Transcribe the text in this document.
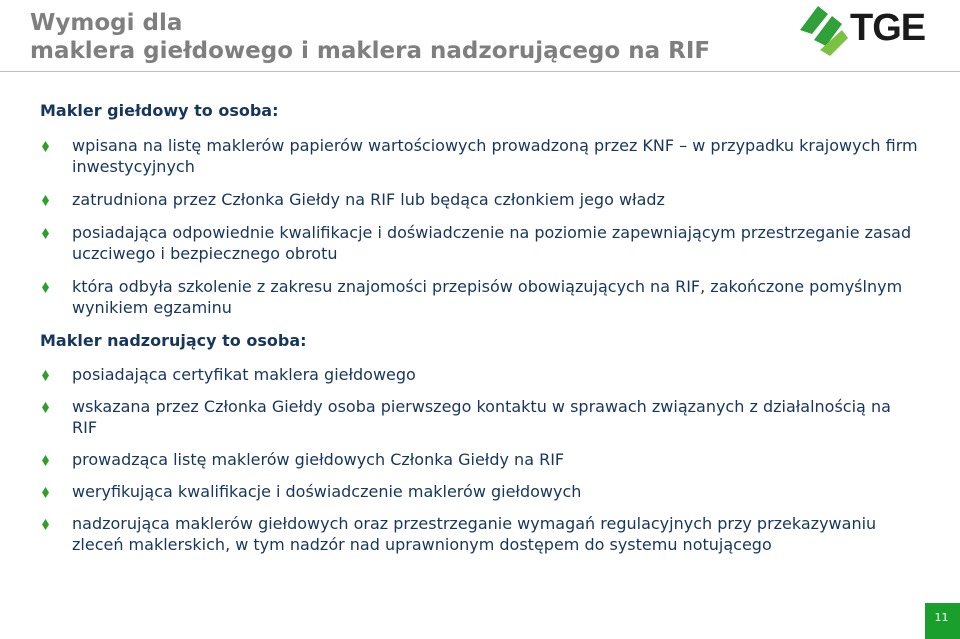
Wymogi dla
maklera giełdowego i maklera nadzorującego na RIF
TGE

Makler giełdowy to osoba:

wpisana na listę maklerów papierów wartościowych prowadzoną przez KNF – w przypadku krajowych firm inwestycyjnych
zatrudniona przez Członka Giełdy na RIF lub będąca członkiem jego władz
posiadająca odpowiednie kwalifikacje i doświadczenie na poziomie zapewniającym przestrzeganie zasad uczciwego i bezpiecznego obrotu
która odbyła szkolenie z zakresu znajomości przepisów obowiązujących na RIF, zakończone pomyślnym wynikiem egzaminu

Makler nadzorujący to osoba:

posiadająca certyfikat maklera giełdowego
wskazana przez Członka Giełdy osoba pierwszego kontaktu w sprawach związanych z działalnością na RIF
prowadząca listę maklerów giełdowych Członka Giełdy na RIF
weryfikująca kwalifikacje i doświadczenie maklerów giełdowych
nadzorująca maklerów giełdowych oraz przestrzeganie wymagań regulacyjnych przy przekazywaniu zleceń maklerskich, w tym nadzór nad uprawnionym dostępem do systemu notującego
11
